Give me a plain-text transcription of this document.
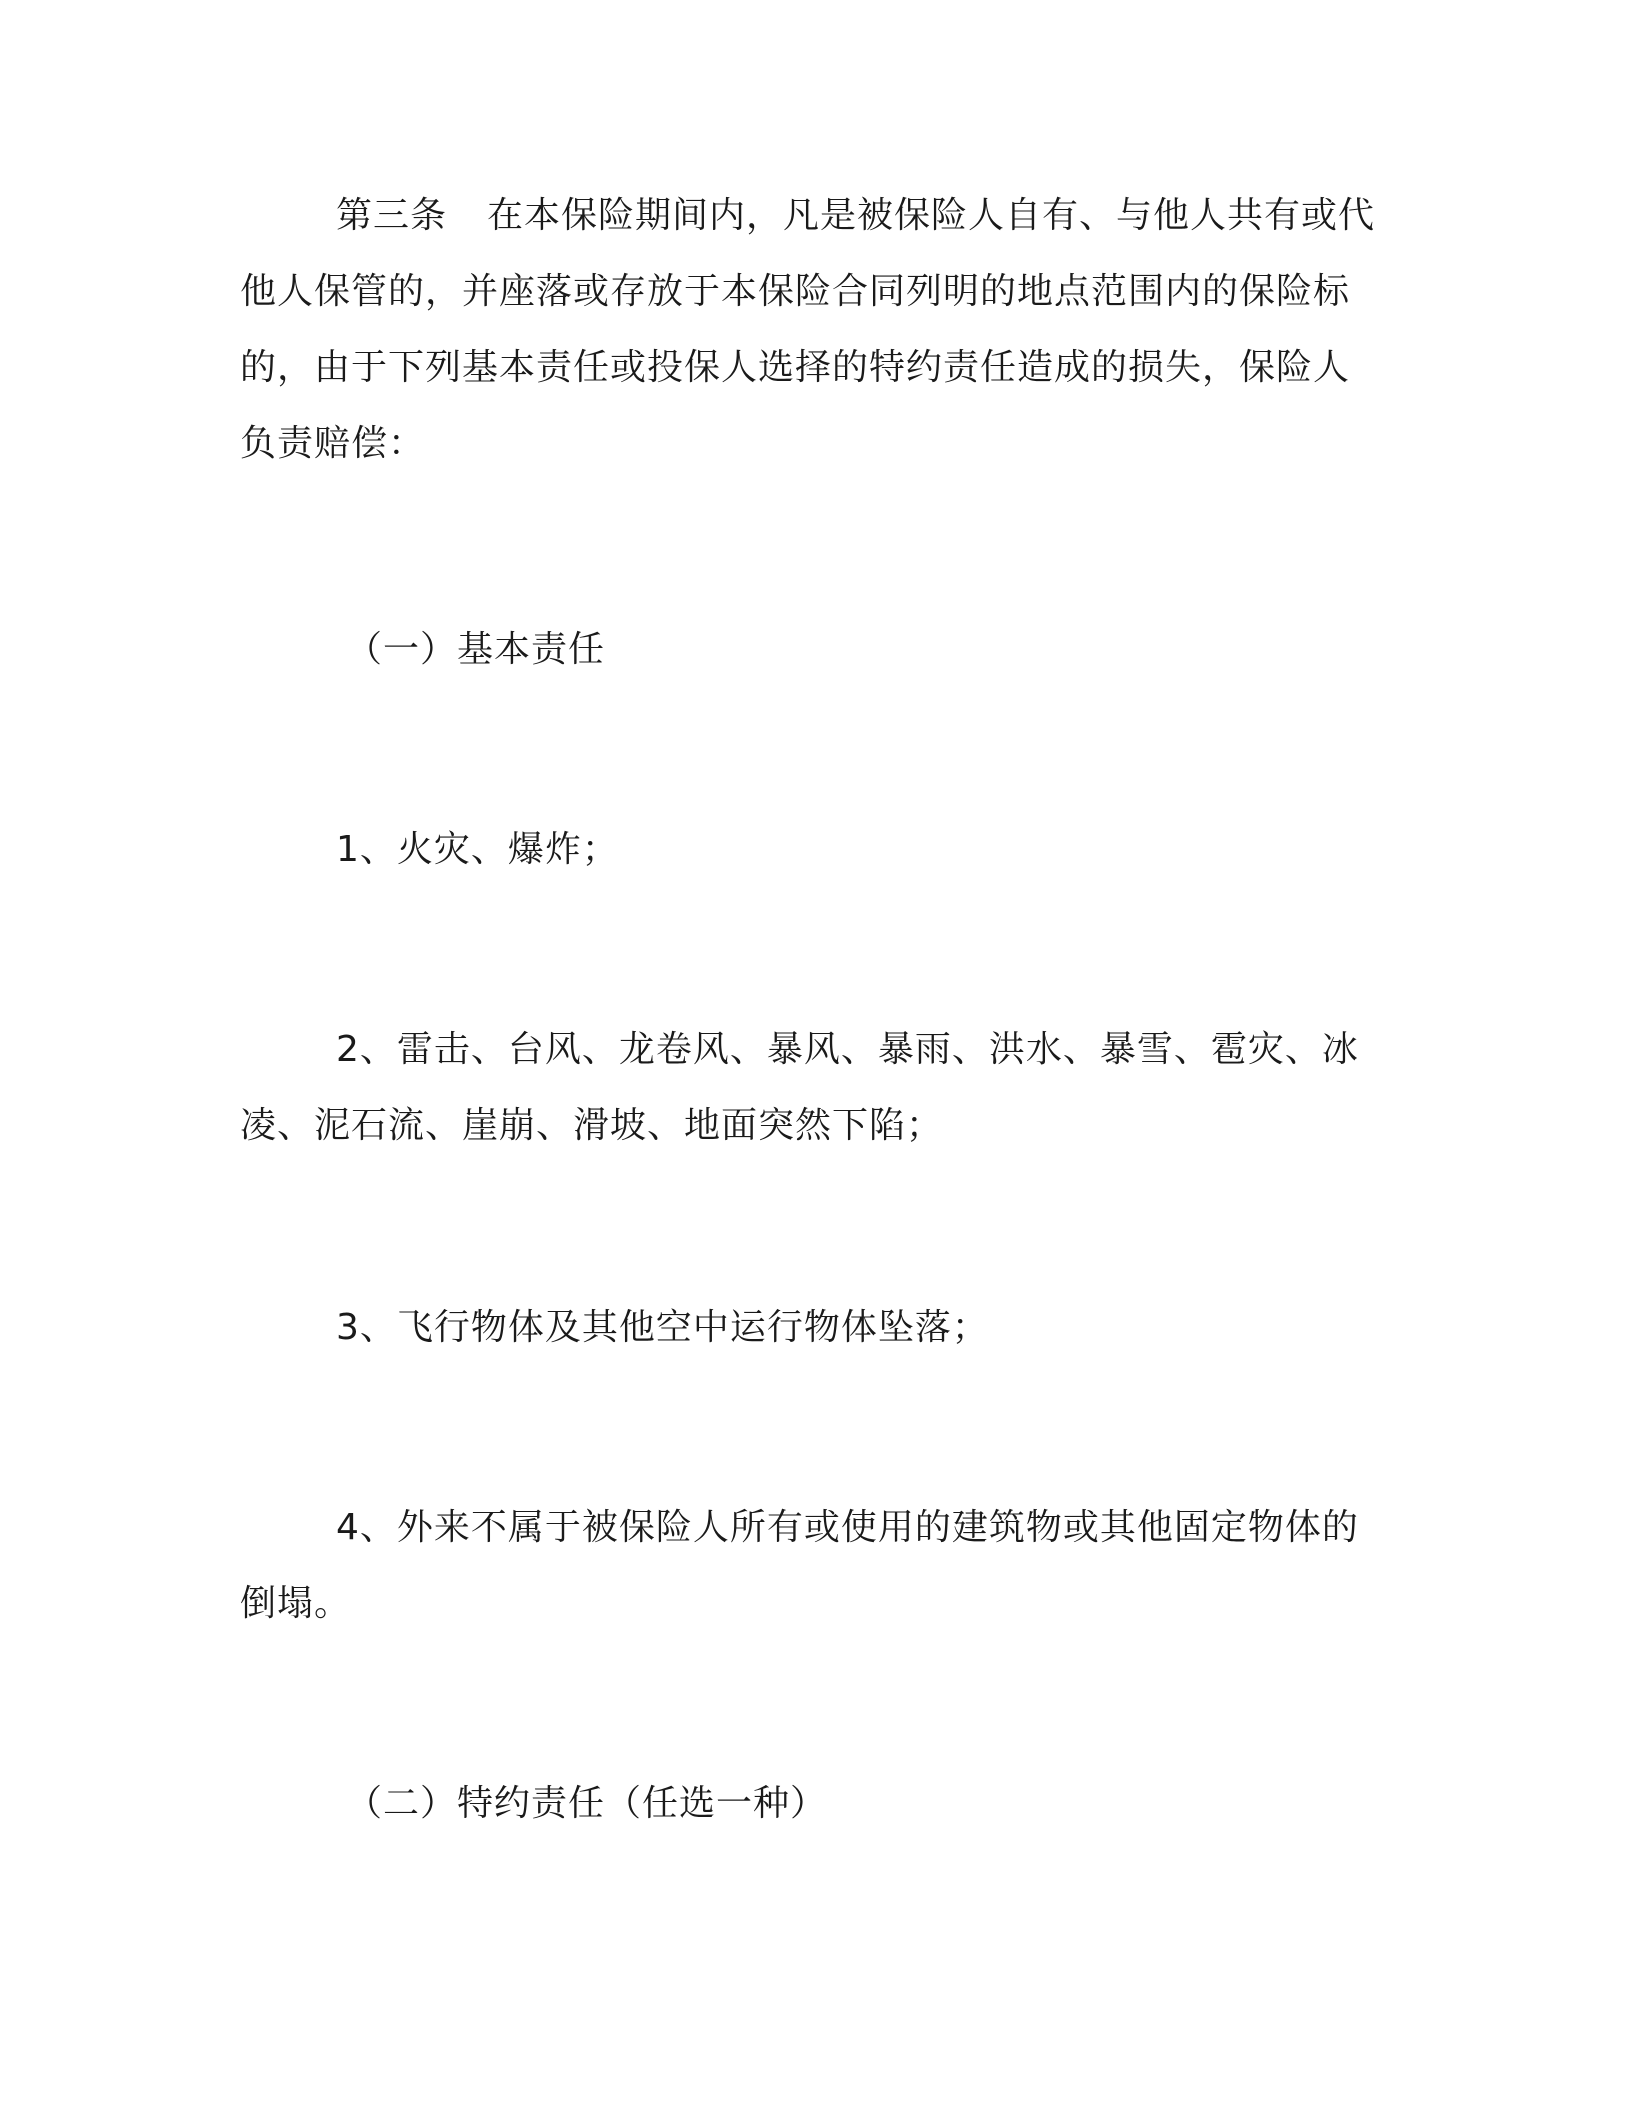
第三条 在本保险期间内，凡是被保险人自有、与他人共有或代
他人保管的，并座落或存放于本保险合同列明的地点范围内的保险标
的，由于下列基本责任或投保人选择的特约责任造成的损失，保险人
负责赔偿：
（一）基本责任
1、火灾、爆炸；
2、雷击、台风、龙卷风、暴风、暴雨、洪水、暴雪、雹灾、冰
凌、泥石流、崖崩、滑坡、地面突然下陷；
3、飞行物体及其他空中运行物体坠落；
4、外来不属于被保险人所有或使用的建筑物或其他固定物体的
倒塌。
（二）特约责任（任选一种）
